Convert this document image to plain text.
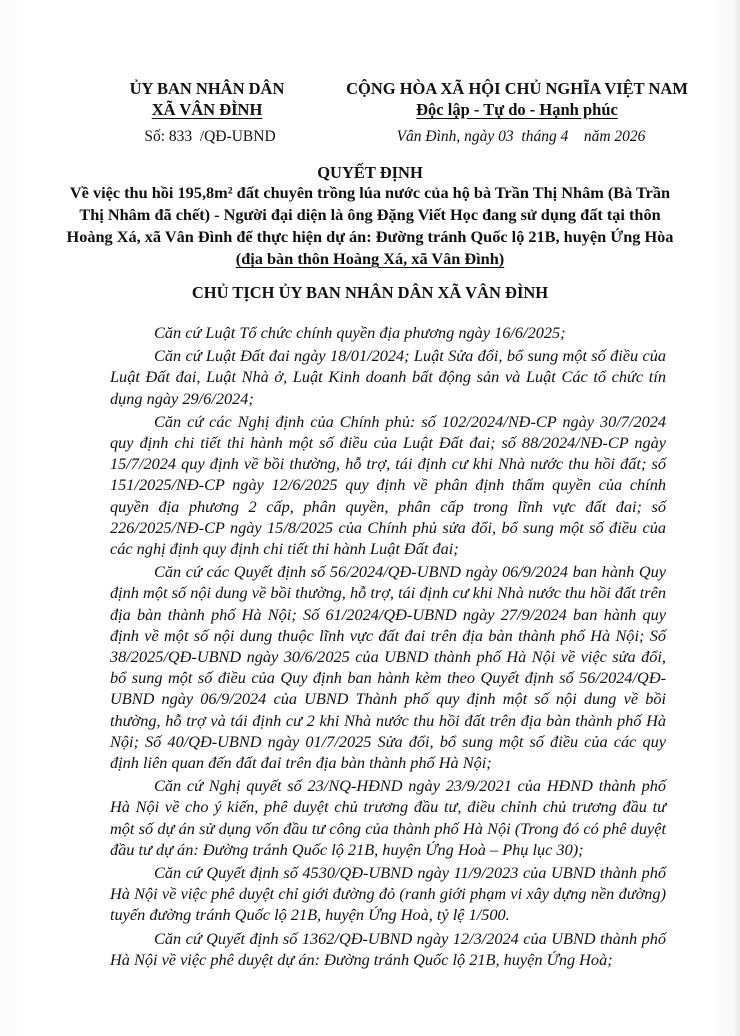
ỦY BAN NHÂN DÂN
XÃ VÂN ĐÌNH
CỘNG HÒA XÃ HỘI CHỦ NGHĨA VIỆT NAM
Độc lập - Tự do - Hạnh phúc
Số: 833  /QĐ-UBND	Vân Đình, ngày 03  tháng 4    năm 2026
QUYẾT ĐỊNH
Về việc thu hồi 195,8m² đất chuyên trồng lúa nước của hộ bà Trần Thị Nhâm (Bà Trần Thị Nhâm đã chết) - Người đại diện là ông Đặng Viết Học đang sử dụng đất tại thôn Hoàng Xá, xã Vân Đình để thực hiện dự án: Đường tránh Quốc lộ 21B, huyện Ứng Hòa (địa bàn thôn Hoàng Xá, xã Vân Đình)
CHỦ TỊCH ỦY BAN NHÂN DÂN XÃ VÂN ĐÌNH

Căn cứ Luật Tổ chức chính quyền địa phương ngày 16/6/2025;

Căn cứ Luật Đất đai ngày 18/01/2024; Luật Sửa đổi, bổ sung một số điều của Luật Đất đai, Luật Nhà ở, Luật Kinh doanh bất động sản và Luật Các tổ chức tín dụng ngày 29/6/2024;

Căn cứ các Nghị định của Chính phủ: số 102/2024/NĐ-CP ngày 30/7/2024 quy định chi tiết thi hành một số điều của Luật Đất đai; số 88/2024/NĐ-CP ngày 15/7/2024 quy định về bồi thường, hỗ trợ, tái định cư khi Nhà nước thu hồi đất; số 151/2025/NĐ-CP ngày 12/6/2025 quy định về phân định thẩm quyền của chính quyền địa phương 2 cấp, phân quyền, phân cấp trong lĩnh vực đất đai; số 226/2025/NĐ-CP ngày 15/8/2025 của Chính phủ sửa đổi, bổ sung một số điều của các nghị định quy định chi tiết thi hành Luật Đất đai;

Căn cứ các Quyết định số 56/2024/QĐ-UBND ngày 06/9/2024 ban hành Quy định một số nội dung về bồi thường, hỗ trợ, tái định cư khi Nhà nước thu hồi đất trên địa bàn thành phố Hà Nội; Số 61/2024/QĐ-UBND ngày 27/9/2024 ban hành quy định về một số nội dung thuộc lĩnh vực đất đai trên địa bàn thành phố Hà Nội; Số 38/2025/QĐ-UBND ngày 30/6/2025 của UBND thành phố Hà Nội về việc sửa đổi, bổ sung một số điều của Quy định ban hành kèm theo Quyết định số 56/2024/QĐ-UBND ngày 06/9/2024 của UBND Thành phố quy định một số nội dung về bồi thường, hỗ trợ và tái định cư 2 khi Nhà nước thu hồi đất trên địa bàn thành phố Hà Nội; Số 40/QĐ-UBND ngày 01/7/2025 Sửa đổi, bổ sung một số điều của các quy định liên quan đến đất đai trên địa bàn thành phố Hà Nội;

Căn cứ Nghị quyết số 23/NQ-HĐND ngày 23/9/2021 của HĐND thành phố Hà Nội về cho ý kiến, phê duyệt chủ trương đầu tư, điều chỉnh chủ trương đầu tư một số dự án sử dụng vốn đầu tư công của thành phố Hà Nội (Trong đó có phê duyệt đầu tư dự án: Đường tránh Quốc lộ 21B, huyện Ứng Hoà – Phụ lục 30);

Căn cứ Quyết định số 4530/QĐ-UBND ngày 11/9/2023 của UBND thành phố Hà Nội về việc phê duyệt chỉ giới đường đỏ (ranh giới phạm vi xây dựng nền đường) tuyến đường tránh Quốc lộ 21B, huyện Ứng Hoà, tỷ lệ 1/500.

Căn cứ Quyết định số 1362/QĐ-UBND ngày 12/3/2024 của UBND thành phố Hà Nội về việc phê duyệt dự án: Đường tránh Quốc lộ 21B, huyện Ứng Hoà;
